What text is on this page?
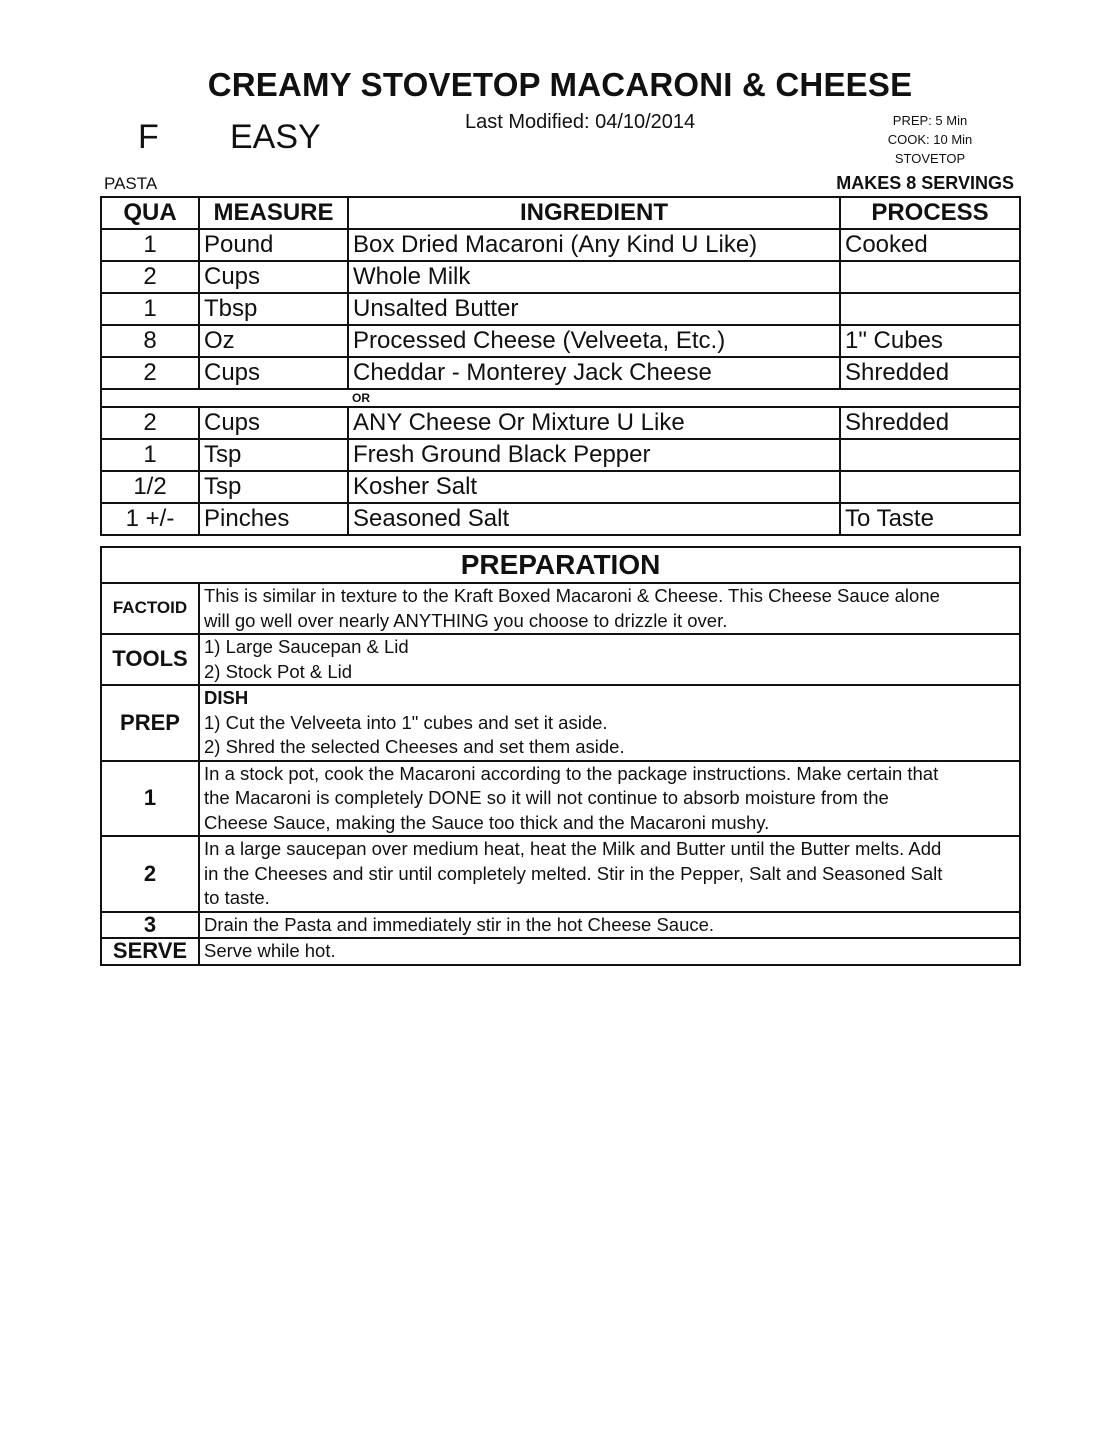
CREAMY STOVETOP MACARONI & CHEESE
Last Modified: 04/10/2014
F EASY	PREP: 5 Min
COOK: 10 Min
STOVETOP
PASTA	MAKES 8 SERVINGS
QUA	MEASURE	INGREDIENT	PROCESS
1	Pound	Box Dried Macaroni (Any Kind U Like)	Cooked
2	Cups	Whole Milk	
1	Tbsp	Unsalted Butter	
8	Oz	Processed Cheese (Velveeta, Etc.)	1" Cubes
2	Cups	Cheddar - Monterey Jack Cheese	Shredded
		OR	
2	Cups	ANY Cheese Or Mixture U Like	Shredded
1	Tsp	Fresh Ground Black Pepper	
1/2	Tsp	Kosher Salt	
1 +/-	Pinches	Seasoned Salt	To Taste
PREPARATION	
FACTOID	This is similar in texture to the Kraft Boxed Macaroni & Cheese. This Cheese Sauce alone
will go well over nearly ANYTHING you choose to drizzle it over.

TOOLS	1) Large Saucepan & Lid
2) Stock Pot & Lid

PREP	DISH
1) Cut the Velveeta into 1" cubes and set it aside.
2) Shred the selected Cheeses and set them aside.

1	In a stock pot, cook the Macaroni according to the package instructions. Make certain that
the Macaroni is completely DONE so it will not continue to absorb moisture from the
Cheese Sauce, making the Sauce too thick and the Macaroni mushy.

2	In a large saucepan over medium heat, heat the Milk and Butter until the Butter melts. Add
in the Cheeses and stir until completely melted. Stir in the Pepper, Salt and Seasoned Salt
to taste.

3	Drain the Pasta and immediately stir in the hot Cheese Sauce.

SERVE	Serve while hot.
